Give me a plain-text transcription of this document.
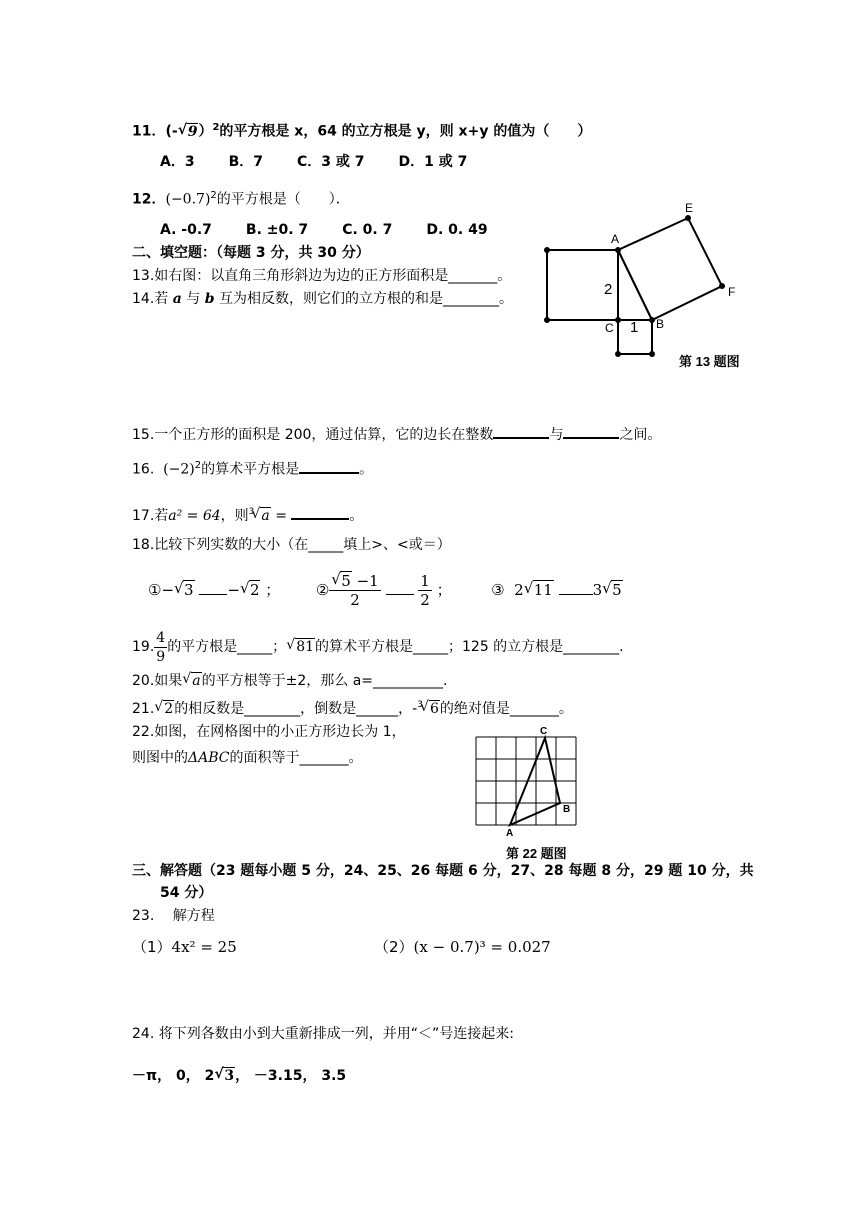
11．(- √ 9）$^2$的平方根是 x，64 的立方根是 y，则 x+y 的值为（　　）
A．3 B．7 C．3 或 7 D．1 或 7
12．$(-0.7)^2$的平方根是（　　）．
A. -0.7 B. ±0. 7 C. 0. 7 D. 0. 49
二、填空题：（每题 3 分，共 30 分）
13.如右图：以直角三角形斜边为边的正方形面积是_______。
14.若 a 与 b 互为相反数，则它们的立方根的和是________。
A
E
F
B
C
2
1
第 13 题图
15.一个正方形的面积是 200，通过估算，它的边长在整数	与	之间。
16. $(-2)^2$的算术平方根是	。
17.若a² = 64，则$^3$ √ a =	。
18.比较下列实数的大小（在_____填上>、<或＝）
①− √ 3 − √ 2 ； ② √ $\frac{5 -1}{2}$
	$\frac{1}{2}$ ；	③ 2 √ 11	3 √ 5
19. $\frac{4}{9}$ 的平方根是_____； √ 81的算术平方根是_____；125 的立方根是________.
20.如果 √ a的平方根等于±2，那么 a=__________.
21. √ 2的相反数是________，倒数是______，-$^3$ √ 6的绝对值是_______。
22.如图，在网格图中的小正方形边长为 1，
则图中的ΔABC的面积等于_______。
C
B
A
第 22 题图
三、解答题（23 题每小题 5 分，24、25、26 每题 6 分，27、28 每题 8 分，29 题 10 分，共
54 分）
23.　 解方程
（1）4x² = 25	（2）(x − 0.7)³ = 0.027
24. 将下列各数由小到大重新排成一列，并用“＜”号连接起来:
－π， 0， 2 √ 3， －3.15， 3.5
